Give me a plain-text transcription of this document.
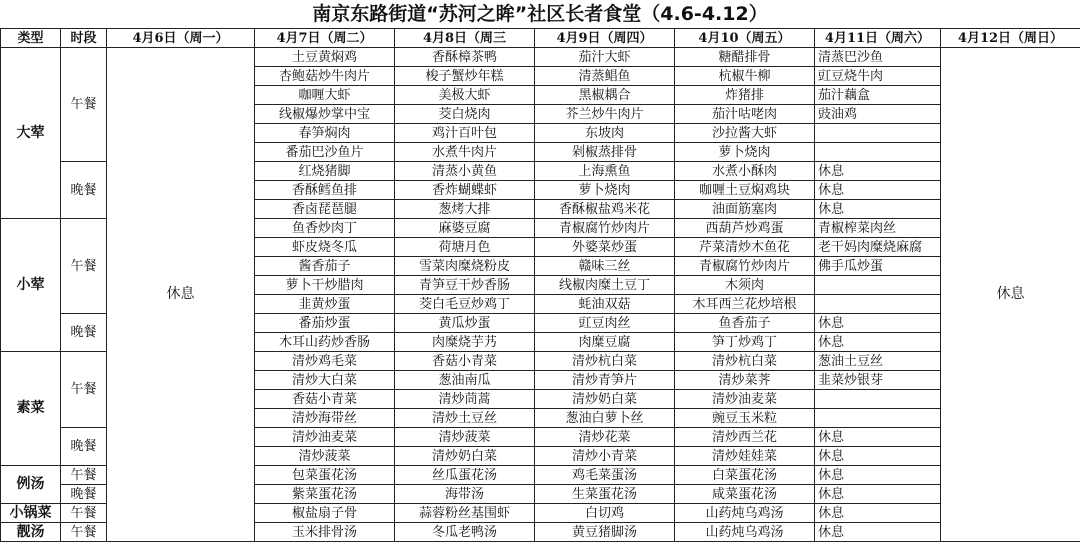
南京东路街道“苏河之眸”社区长者食堂（4.6-4.12）
类型	时段	4月6日（周一）	4月7日（周二）	4月8日（周三	4月9日（周四）	4月10（周五）	4月11日（周六）	4月12日（周日）
大荤	午餐	休息	土豆黄焖鸡	香酥樟茶鸭	茄汁大虾	糖醋排骨	清蒸巴沙鱼	休息
			杏鲍菇炒牛肉片	梭子蟹炒年糕	清蒸鲳鱼	杭椒牛柳	豇豆烧牛肉	
			咖喱大虾	美极大虾	黑椒耦合	炸猪排	茄汁藕盒	
			线椒爆炒掌中宝	茭白烧肉	芥兰炒牛肉片	茄汁咕咾肉	豉油鸡	
			春笋焖肉	鸡汁百叶包	东坡肉	沙拉酱大虾		
			番茄巴沙鱼片	水煮牛肉片	剁椒蒸排骨	萝卜烧肉		
	晚餐		红烧猪脚	清蒸小黄鱼	上海熏鱼	水煮小酥肉	休息	
			香酥鳕鱼排	香炸蝴蝶虾	萝卜烧肉	咖喱土豆焖鸡块	休息	
			香卤琵琶腿	葱烤大排	香酥椒盐鸡米花	油面筋塞肉	休息	
小荤	午餐		鱼香炒肉丁	麻婆豆腐	青椒腐竹炒肉片	西葫芦炒鸡蛋	青椒榨菜肉丝	
			虾皮烧冬瓜	荷塘月色	外婆菜炒蛋	芹菜清炒木鱼花	老干妈肉糜烧麻腐	
			酱香茄子	雪菜肉糜烧粉皮	赣味三丝	青椒腐竹炒肉片	佛手瓜炒蛋	
			萝卜干炒腊肉	青笋豆干炒香肠	线椒肉糜土豆丁	木须肉		
			韭黄炒蛋	茭白毛豆炒鸡丁	蚝油双菇	木耳西兰花炒培根		
	晚餐		番茄炒蛋	黄瓜炒蛋	豇豆肉丝	鱼香茄子	休息	
			木耳山药炒香肠	肉糜烧芋艿	肉糜豆腐	笋丁炒鸡丁	休息	
素菜	午餐		清炒鸡毛菜	香菇小青菜	清炒杭白菜	清炒杭白菜	葱油土豆丝	
			清炒大白菜	葱油南瓜	清炒青笋片	清炒菜荠	韭菜炒银芽	
			香菇小青菜	清炒茼蒿	清炒奶白菜	清炒油麦菜		
			清炒海带丝	清炒土豆丝	葱油白萝卜丝	豌豆玉米粒		
	晚餐		清炒油麦菜	清炒菠菜	清炒花菜	清炒西兰花	休息	
			清炒菠菜	清炒奶白菜	清炒小青菜	清炒娃娃菜	休息	
例汤	午餐		包菜蛋花汤	丝瓜蛋花汤	鸡毛菜蛋汤	白菜蛋花汤	休息	
	晚餐		紫菜蛋花汤	海带汤	生菜蛋花汤	咸菜蛋花汤	休息	
小锅菜	午餐		椒盐扇子骨	蒜蓉粉丝基围虾	白切鸡	山药炖乌鸡汤	休息	
靓汤	午餐		玉米排骨汤	冬瓜老鸭汤	黄豆猪脚汤	山药炖乌鸡汤	休息	
